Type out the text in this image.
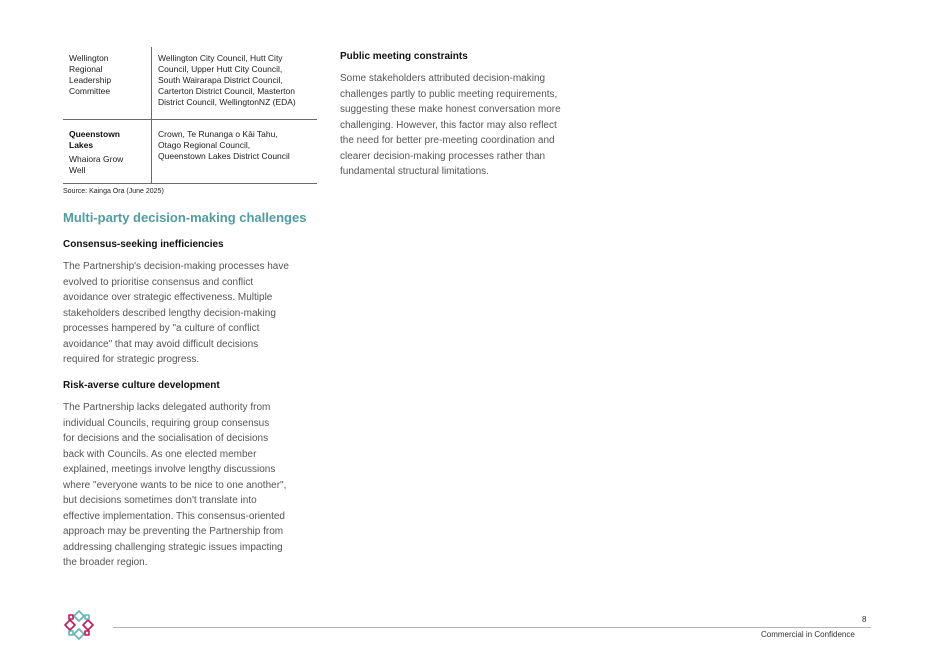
Wellington
Regional
Leadership
Committee
Wellington City Council, Hutt City
Council, Upper Hutt City Council,
South Wairarapa District Council,
Carterton District Council, Masterton
District Council, WellingtonNZ (EDA)
Queenstown
Lakes
Whaiora Grow
Well
Crown, Te Runanga o Kāi Tahu,
Otago Regional Council,
Queenstown Lakes District Council
Source: Kainga Ora (June 2025)
Multi-party decision-making challenges
Consensus-seeking inefficiencies
The Partnership's decision-making processes have
evolved to prioritise consensus and conflict
avoidance over strategic effectiveness. Multiple
stakeholders described lengthy decision-making
processes hampered by "a culture of conflict
avoidance" that may avoid difficult decisions
required for strategic progress.
Risk-averse culture development
The Partnership lacks delegated authority from
individual Councils, requiring group consensus
for decisions and the socialisation of decisions
back with Councils. As one elected member
explained, meetings involve lengthy discussions
where "everyone wants to be nice to one another",
but decisions sometimes don't translate into
effective implementation. This consensus-oriented
approach may be preventing the Partnership from
addressing challenging strategic issues impacting
the broader region.
Public meeting constraints
Some stakeholders attributed decision-making
challenges partly to public meeting requirements,
suggesting these make honest conversation more
challenging. However, this factor may also reflect
the need for better pre-meeting coordination and
clearer decision-making processes rather than
fundamental structural limitations.
8
Commercial in Confidence
